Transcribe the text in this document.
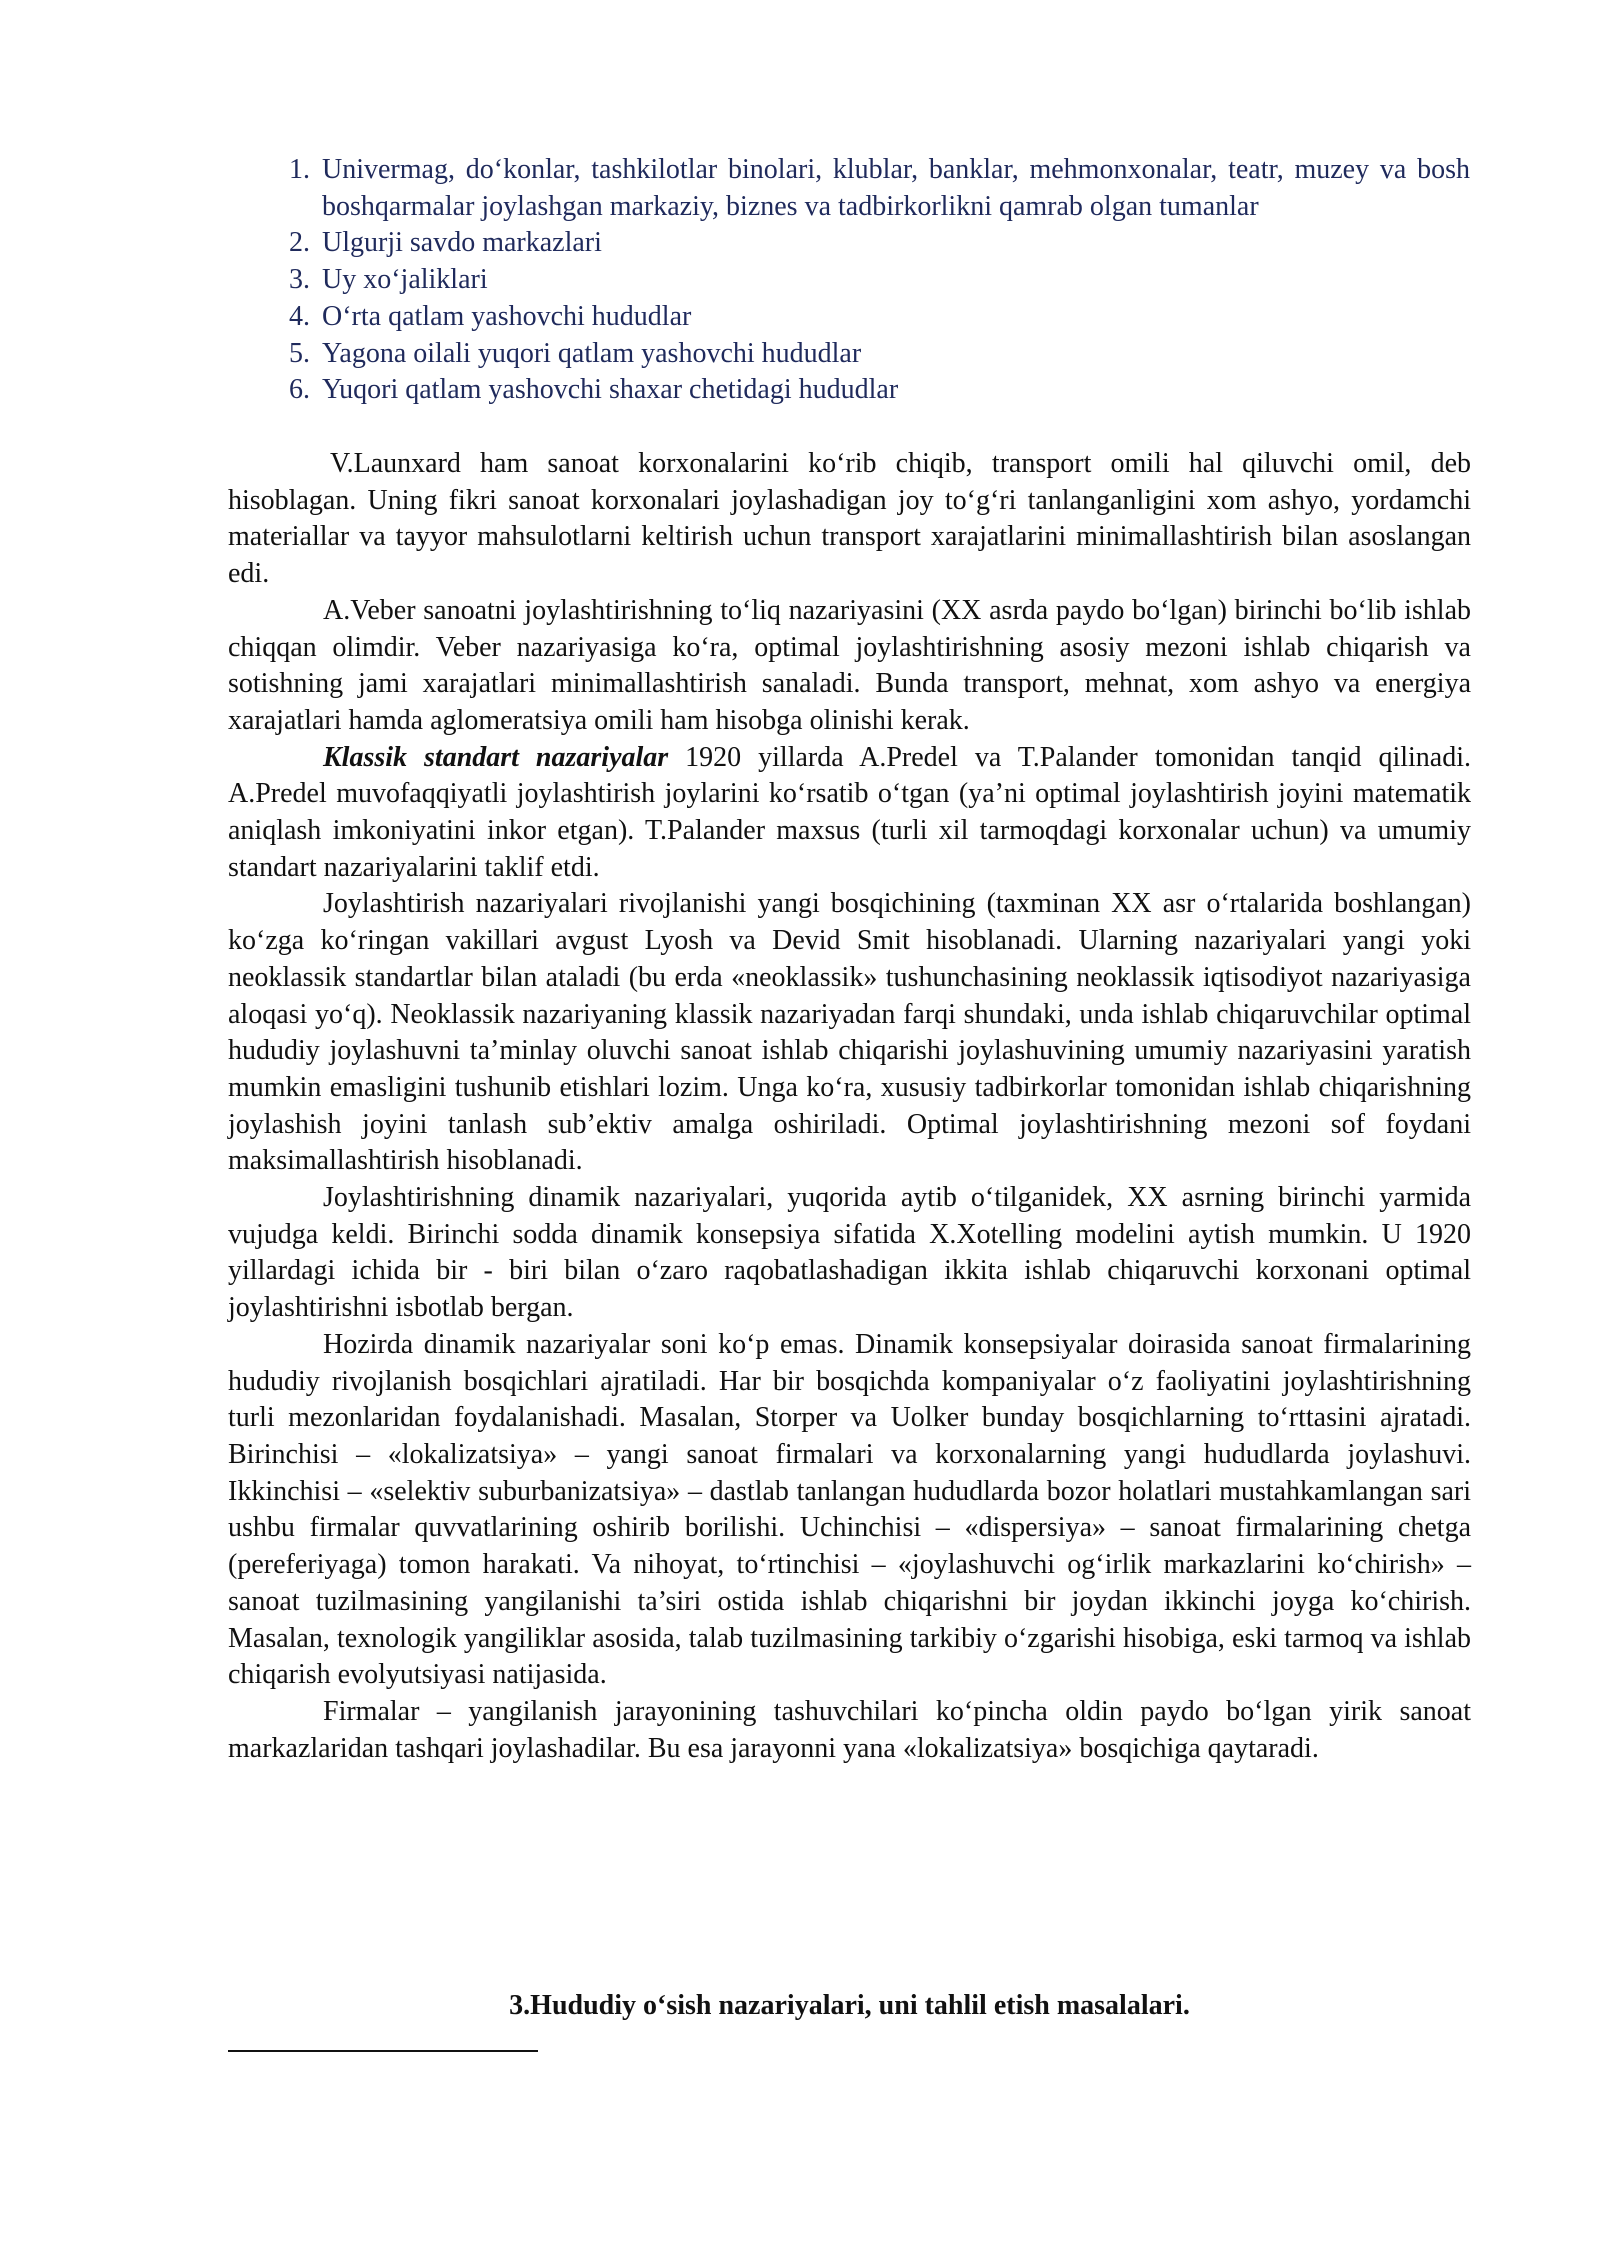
1. Univermag, do‘konlar, tashkilotlar binolari, klublar, banklar, mehmonxonalar, teatr, muzey va bosh boshqarmalar joylashgan markaziy, biznes va tadbirkorlikni qamrab olgan tumanlar
2. Ulgurji savdo markazlari
3. Uy xo‘jaliklari
4. O‘rta qatlam yashovchi hududlar
5. Yagona oilali yuqori qatlam yashovchi hududlar
6. Yuqori qatlam yashovchi shaxar chetidagi hududlar

V.Launxard ham sanoat korxonalarini ko‘rib chiqib, transport omili hal qiluvchi omil, deb hisoblagan. Uning fikri sanoat korxonalari joylashadigan joy to‘g‘ri tanlanganligini xom ashyo, yordamchi materiallar va tayyor mahsulotlarni keltirish uchun transport xarajatlarini minimallashtirish bilan asoslangan edi.

A.Veber sanoatni joylashtirishning to‘liq nazariyasini (XX asrda paydo bo‘lgan) birinchi bo‘lib ishlab chiqqan olimdir. Veber nazariyasiga ko‘ra, optimal joylashtirishning asosiy mezoni ishlab chiqarish va sotishning jami xarajatlari minimallashtirish sanaladi. Bunda transport, mehnat, xom ashyo va energiya xarajatlari hamda aglomeratsiya omili ham hisobga olinishi kerak.

Klassik standart nazariyalar 1920 yillarda A.Predel va T.Palander tomonidan tanqid qilinadi. A.Predel muvofaqqiyatli joylashtirish joylarini ko‘rsatib o‘tgan (ya’ni optimal joylashtirish joyini matematik aniqlash imkoniyatini inkor etgan). T.Palander maxsus (turli xil tarmoqdagi korxonalar uchun) va umumiy standart nazariyalarini taklif etdi.

Joylashtirish nazariyalari rivojlanishi yangi bosqichining (taxminan XX asr o‘rtalarida boshlangan) ko‘zga ko‘ringan vakillari avgust Lyosh va Devid Smit hisoblanadi. Ularning nazariyalari yangi yoki neoklassik standartlar bilan ataladi (bu erda «neoklassik» tushunchasining neoklassik iqtisodiyot nazariyasiga aloqasi yo‘q). Neoklassik nazariyaning klassik nazariyadan farqi shundaki, unda ishlab chiqaruvchilar optimal hududiy joylashuvni ta’minlay oluvchi sanoat ishlab chiqarishi joylashuvining umumiy nazariyasini yaratish mumkin emasligini tushunib etishlari lozim. Unga ko‘ra, xususiy tadbirkorlar tomonidan ishlab chiqarishning joylashish joyini tanlash sub’ektiv amalga oshiriladi. Optimal joylashtirishning mezoni sof foydani maksimallashtirish hisoblanadi.

Joylashtirishning dinamik nazariyalari, yuqorida aytib o‘tilganidek, XX asrning birinchi yarmida vujudga keldi. Birinchi sodda dinamik konsepsiya sifatida X.Xotelling modelini aytish mumkin. U 1920 yillardagi ichida bir - biri bilan o‘zaro raqobatlashadigan ikkita ishlab chiqaruvchi korxonani optimal joylashtirishni isbotlab bergan.

Hozirda dinamik nazariyalar soni ko‘p emas. Dinamik konsepsiyalar doirasida sanoat firmalarining hududiy rivojlanish bosqichlari ajratiladi. Har bir bosqichda kompaniyalar o‘z faoliyatini joylashtirishning turli mezonlaridan foydalanishadi. Masalan, Storper va Uolker bunday bosqichlarning to‘rttasini ajratadi. Birinchisi – «lokalizatsiya» – yangi sanoat firmalari va korxonalarning yangi hududlarda joylashuvi. Ikkinchisi – «selektiv suburbanizatsiya» – dastlab tanlangan hududlarda bozor holatlari mustahkamlangan sari ushbu firmalar quvvatlarining oshirib borilishi. Uchinchisi – «dispersiya» – sanoat firmalarining chetga (pereferiyaga) tomon harakati. Va nihoyat, to‘rtinchisi – «joylashuvchi og‘irlik markazlarini ko‘chirish» – sanoat tuzilmasining yangilanishi ta’siri ostida ishlab chiqarishni bir joydan ikkinchi joyga ko‘chirish. Masalan, texnologik yangiliklar asosida, talab tuzilmasining tarkibiy o‘zgarishi hisobiga, eski tarmoq va ishlab chiqarish evolyutsiyasi natijasida.

Firmalar – yangilanish jarayonining tashuvchilari ko‘pincha oldin paydo bo‘lgan yirik sanoat markazlaridan tashqari joylashadilar. Bu esa jarayonni yana «lokalizatsiya» bosqichiga qaytaradi.

3.Hududiy o‘sish nazariyalari, uni tahlil etish masalalari.
